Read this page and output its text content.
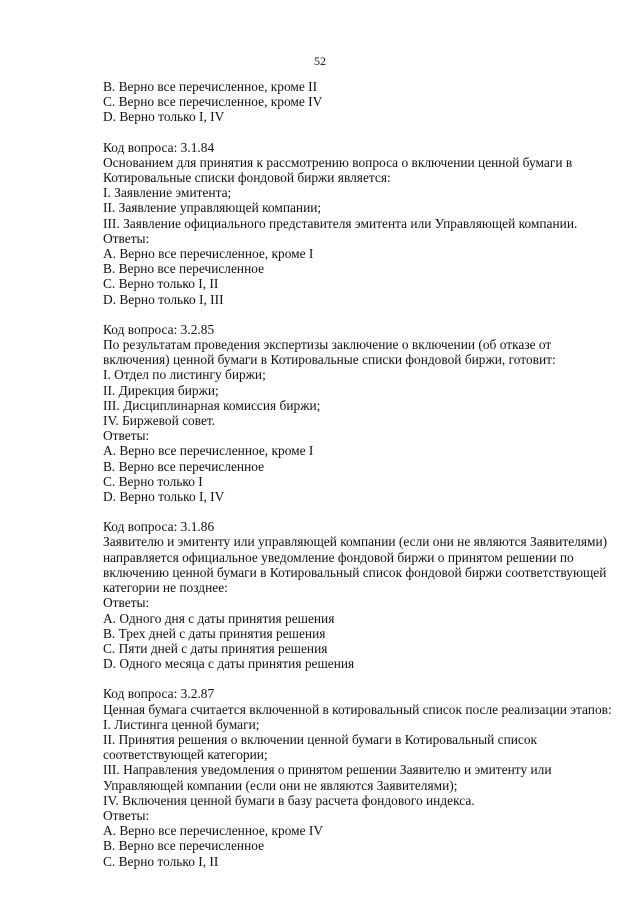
52
B. Верно все перечисленное, кроме II
C. Верно все перечисленное, кроме IV
D. Верно только I, IV
Код вопроса: 3.1.84
Основанием для принятия к рассмотрению вопроса о включении ценной бумаги в
Котировальные списки фондовой биржи является:
I. Заявление эмитента;
II. Заявление управляющей компании;
III. Заявление официального представителя эмитента или Управляющей компании.
Ответы:
A. Верно все перечисленное, кроме I
B. Верно все перечисленное
C. Верно только I, II
D. Верно только I, III
Код вопроса: 3.2.85
По результатам проведения экспертизы заключение о включении (об отказе от
включения) ценной бумаги в Котировальные списки фондовой биржи, готовит:
I. Отдел по листингу биржи;
II. Дирекция биржи;
III. Дисциплинарная комиссия биржи;
IV. Биржевой совет.
Ответы:
A. Верно все перечисленное, кроме I
B. Верно все перечисленное
C. Верно только I
D. Верно только I, IV
Код вопроса: 3.1.86
Заявителю и эмитенту или управляющей компании (если они не являются Заявителями)
направляется официальное уведомление фондовой биржи о принятом решении по
включению ценной бумаги в Котировальный список фондовой биржи соответствующей
категории не позднее:
Ответы:
A. Одного дня с даты принятия решения
B. Трех дней с даты принятия решения
C. Пяти дней с даты принятия решения
D. Одного месяца с даты принятия решения
Код вопроса: 3.2.87
Ценная бумага считается включенной в котировальный список после реализации этапов:
I. Листинга ценной бумаги;
II. Принятия решения о включении ценной бумаги в Котировальный список
соответствующей категории;
III. Направления уведомления о принятом решении Заявителю и эмитенту или
Управляющей компании (если они не являются Заявителями);
IV. Включения ценной бумаги в базу расчета фондового индекса.
Ответы:
A. Верно все перечисленное, кроме IV
B. Верно все перечисленное
C. Верно только I, II
